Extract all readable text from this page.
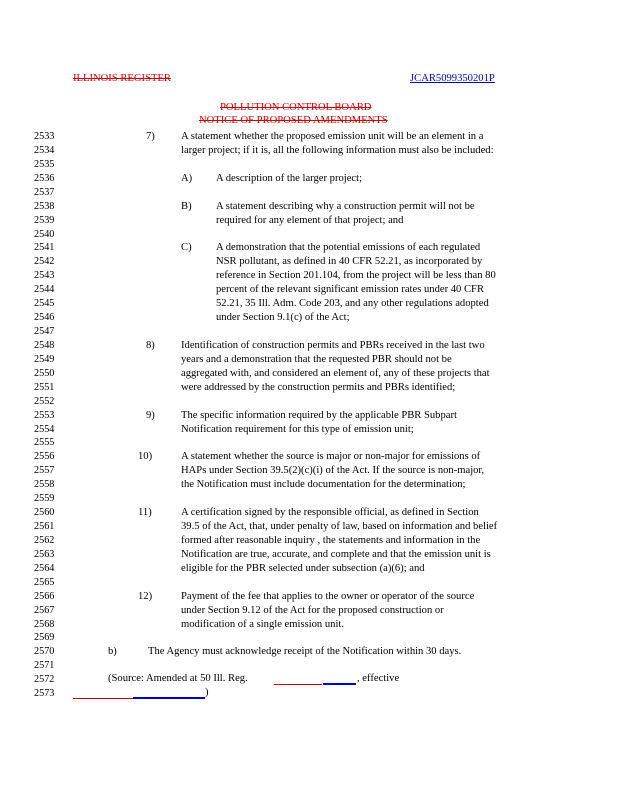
ILLINOIS REGISTER	JCAR5099350201P
POLLUTION CONTROL BOARD
NOTICE OF PROPOSED AMENDMENTS
2533	7) A statement whether the proposed emission unit will be an element in a
2534	larger project; if it is, all the following information must also be included:
2535
2536	A) A description of the larger project;
2537
2538	B) A statement describing why a construction permit will not be
2539	required for any element of that project; and
2540
2541	C) A demonstration that the potential emissions of each regulated
2542	NSR pollutant, as defined in 40 CFR 52.21, as incorporated by
2543	reference in Section 201.104, from the project will be less than 80
2544	percent of the relevant significant emission rates under 40 CFR
2545	52.21, 35 Ill. Adm. Code 203, and any other regulations adopted
2546	under Section 9.1(c) of the Act;
2547
2548	8) Identification of construction permits and PBRs received in the last two
2549	years and a demonstration that the requested PBR should not be
2550	aggregated with, and considered an element of, any of these projects that
2551	were addressed by the construction permits and PBRs identified;
2552
2553	9) The specific information required by the applicable PBR Subpart
2554	Notification requirement for this type of emission unit;
2555
2556	10)	A statement whether the source is major or non-major for emissions of
2557	HAPs under Section 39.5(2)(c)(i) of the Act. If the source is non-major,
2558	the Notification must include documentation for the determination;
2559
2560	11)	A certification signed by the responsible official, as defined in Section
2561	39.5 of the Act, that, under penalty of law, based on information and belief
2562	formed after reasonable inquiry , the statements and information in the
2563	Notification are true, accurate, and complete and that the emission unit is
2564	eligible for the PBR selected under subsection (a)(6); and
2565
2566	12)	Payment of the fee that applies to the owner or operator of the source
2567	under Section 9.12 of the Act for the proposed construction or
2568	modification of a single emission unit.
2569
2570	b)	The Agency must acknowledge receipt of the Notification within 30 days.
2571
2572
2573
(Source: Amended at 50 Ill. Reg.	, effective
)
